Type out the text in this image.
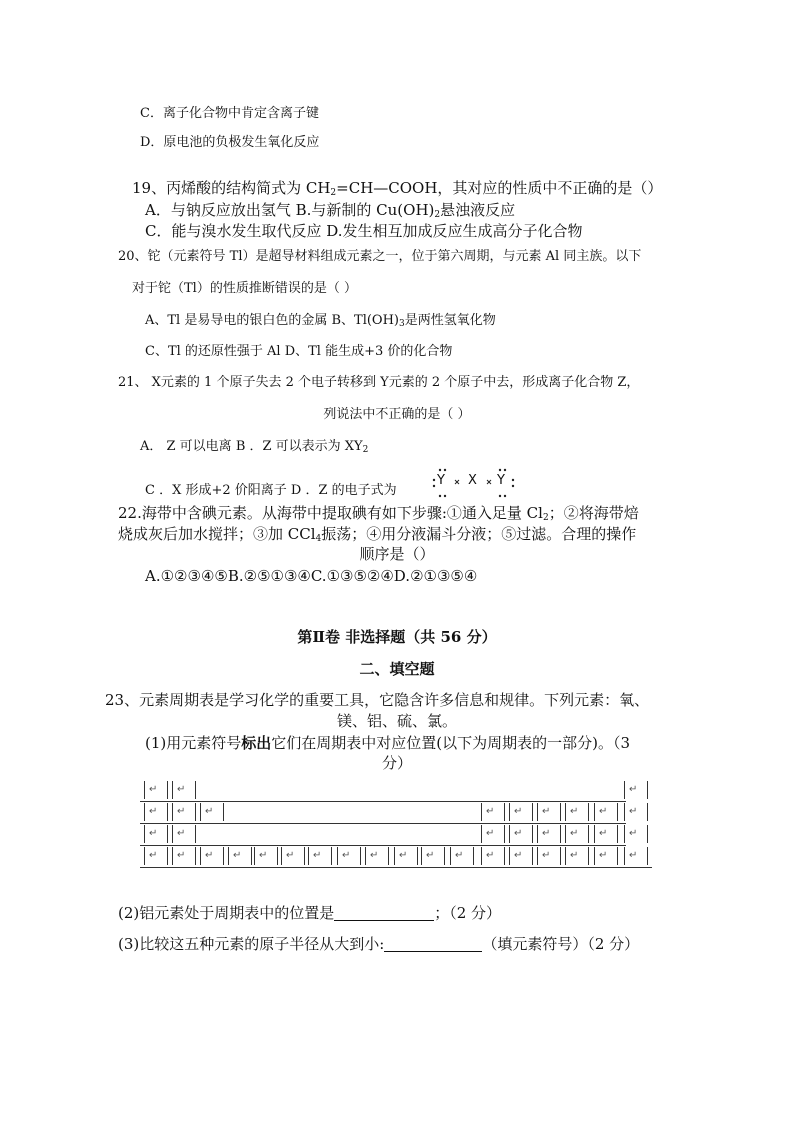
C．离子化合物中肯定含离子键
D．原电池的负极发生氧化反应
19、丙烯酸的结构简式为 $CH_2=CH—COOH$，其对应的性质中不正确的是（）
A．与钠反应放出氢气 B.与新制的 $Cu(OH)_2$悬浊液反应
C．能与溴水发生取代反应 D.发生相互加成反应生成高分子化合物
20、铊（元素符号 Tl）是超导材料组成元素之一，位于第六周期，与元素 Al 同主族。以下
对于铊（Tl）的性质推断错误的是（ ）
A、Tl 是易导电的银白色的金属 B、$Tl(OH)_3$是两性氢氧化物
C、Tl 的还原性强于 Al D、Tl 能生成+3 价的化合物
21、 X元素的 1 个原子失去 2 个电子转移到 Y元素的 2 个原子中去，形成离子化合物 Z，
列说法中不正确的是（ ）
A． Z 可以电离 B ．Z 可以表示为 $XY_2$
C ．X 形成+2 价阳离子 D ．Z 的电子式为
Y X Y
22.海带中含碘元素。从海带中提取碘有如下步骤:①通入足量 $Cl_2$；②将海带焙
烧成灰后加水搅拌；③加 CCl$_4$振荡；④用分液漏斗分液；⑤过滤。合理的操作
顺序是（）
A.①②③④⑤B.②⑤①③④C.①③⑤②④D.②①③⑤④
第Ⅱ卷 非选择题（共 56 分）
二、填空题
23、元素周期表是学习化学的重要工具，它隐含许多信息和规律。下列元素：氧、
镁、铝、硫、氯。
(1)用元素符号标出它们在周期表中对应位置(以下为周期表的一部分)。（3
分）
↵	↵	↵
↵	↵	↵	↵	↵	↵	↵	↵	↵
↵	↵	↵	↵	↵	↵	↵	↵
↵	↵	↵	↵	↵	↵	↵	↵	↵	↵	↵	↵	↵	↵	↵	↵	↵	↵
(2)铝元素处于周期表中的位置是	；（2 分）
(3)比较这五种元素的原子半径从大到小:	（填元素符号）（2 分）
